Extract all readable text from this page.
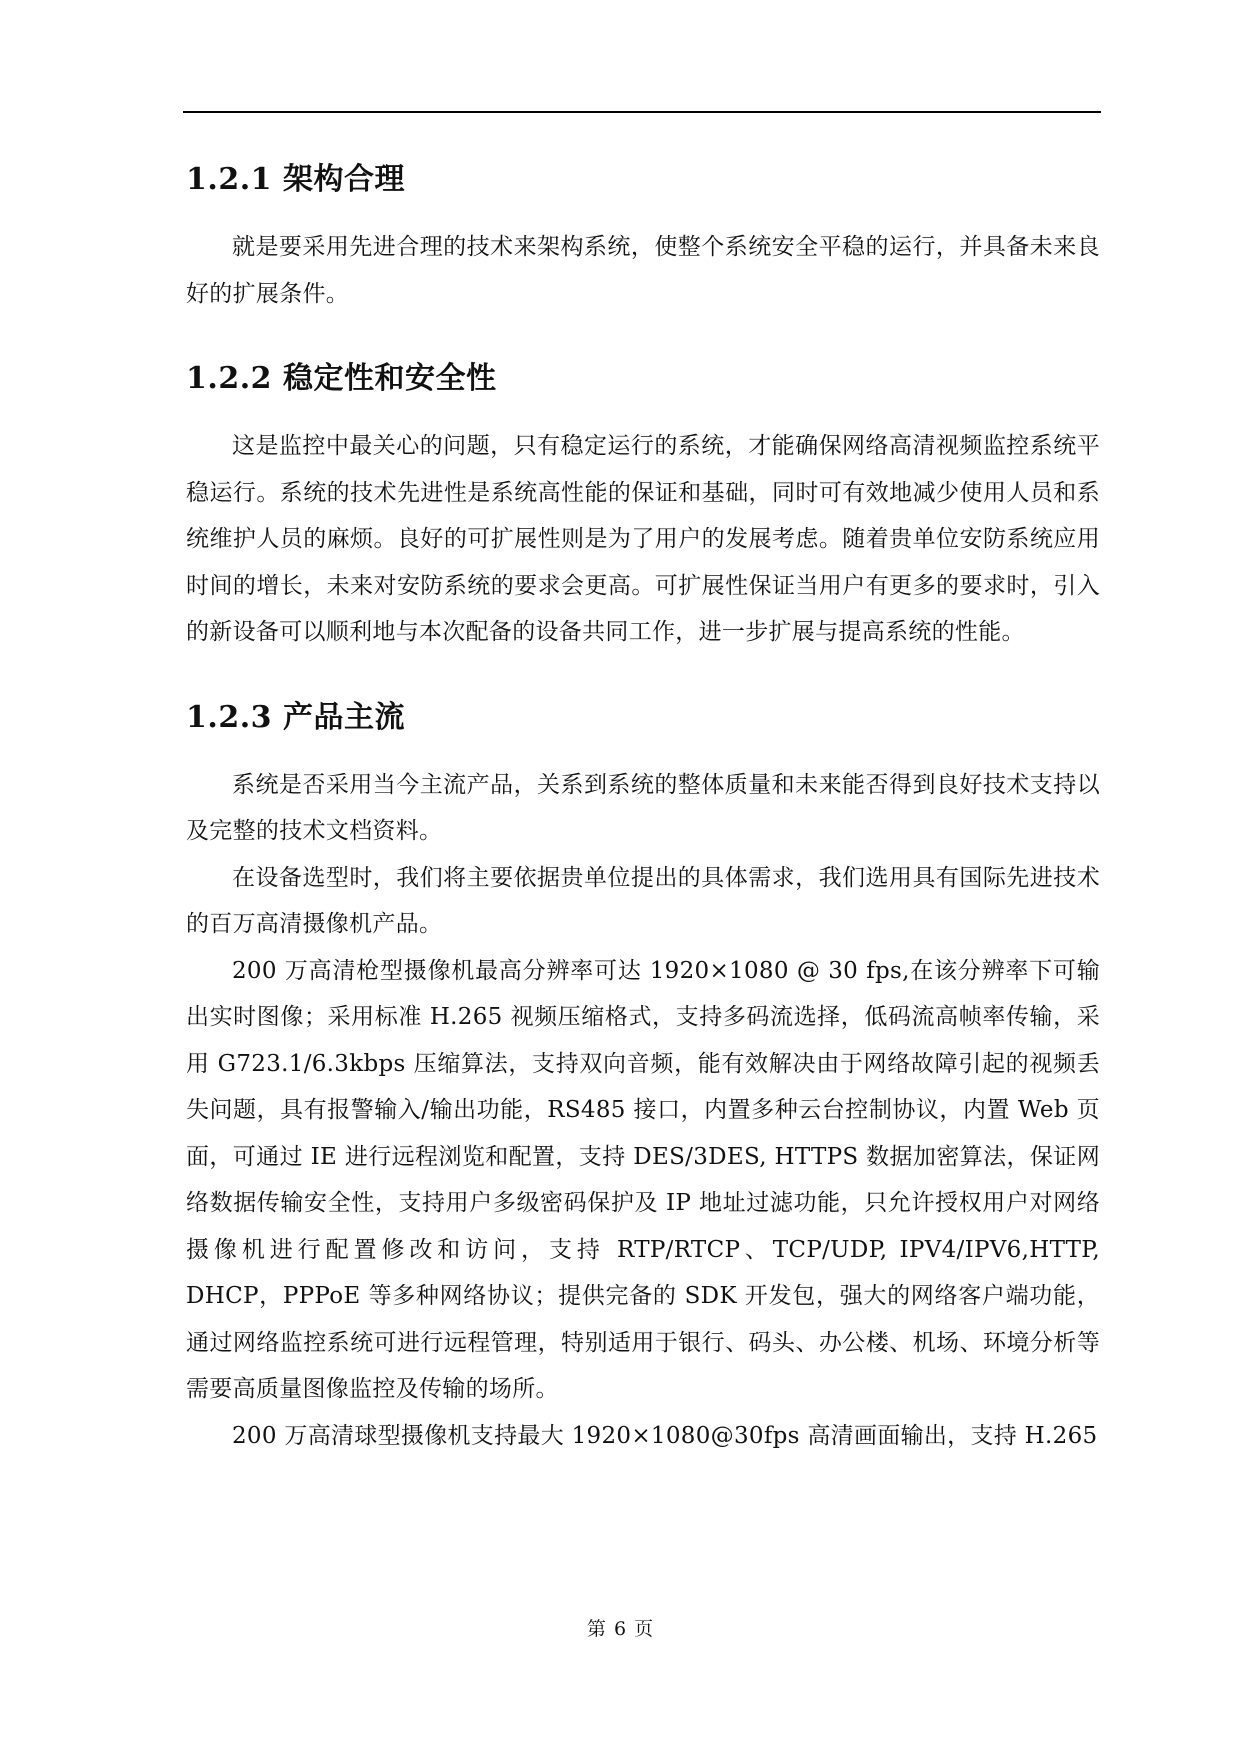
1.2.1 架构合理

就是要采用先进合理的技术来架构系统，使整个系统安全平稳的运行，并具备未来良好的扩展条件。

1.2.2 稳定性和安全性

这是监控中最关心的问题，只有稳定运行的系统，才能确保网络高清视频监控系统平稳运行。系统的技术先进性是系统高性能的保证和基础，同时可有效地减少使用人员和系统维护人员的麻烦。良好的可扩展性则是为了用户的发展考虑。随着贵单位安防系统应用时间的增长，未来对安防系统的要求会更高。可扩展性保证当用户有更多的要求时，引入的新设备可以顺利地与本次配备的设备共同工作，进一步扩展与提高系统的性能。

1.2.3 产品主流

系统是否采用当今主流产品，关系到系统的整体质量和未来能否得到良好技术支持以及完整的技术文档资料。

在设备选型时，我们将主要依据贵单位提出的具体需求，我们选用具有国际先进技术的百万高清摄像机产品。

200 万高清枪型摄像机最高分辨率可达 1920×1080 @ 30 fps,在该分辨率下可输出实时图像；采用标准 H.265 视频压缩格式，支持多码流选择，低码流高帧率传输，采用 G723.1/6.3kbps 压缩算法，支持双向音频，能有效解决由于网络故障引起的视频丢失问题，具有报警输入/输出功能，RS485 接口，内置多种云台控制协议，内置 Web 页面，可通过 IE 进行远程浏览和配置，支持 DES/3DES, HTTPS 数据加密算法，保证网络数据传输安全性，支持用户多级密码保护及 IP 地址过滤功能，只允许授权用户对网络摄像机进行配置修改和访问，支持 RTP/RTCP、TCP/UDP, IPV4/IPV6,HTTP, DHCP，PPPoE 等多种网络协议；提供完备的 SDK 开发包，强大的网络客户端功能，通过网络监控系统可进行远程管理，特别适用于银行、码头、办公楼、机场、环境分析等需要高质量图像监控及传输的场所。

200 万高清球型摄像机支持最大 1920×1080@30fps 高清画面输出，支持 H.265

第 6 页
